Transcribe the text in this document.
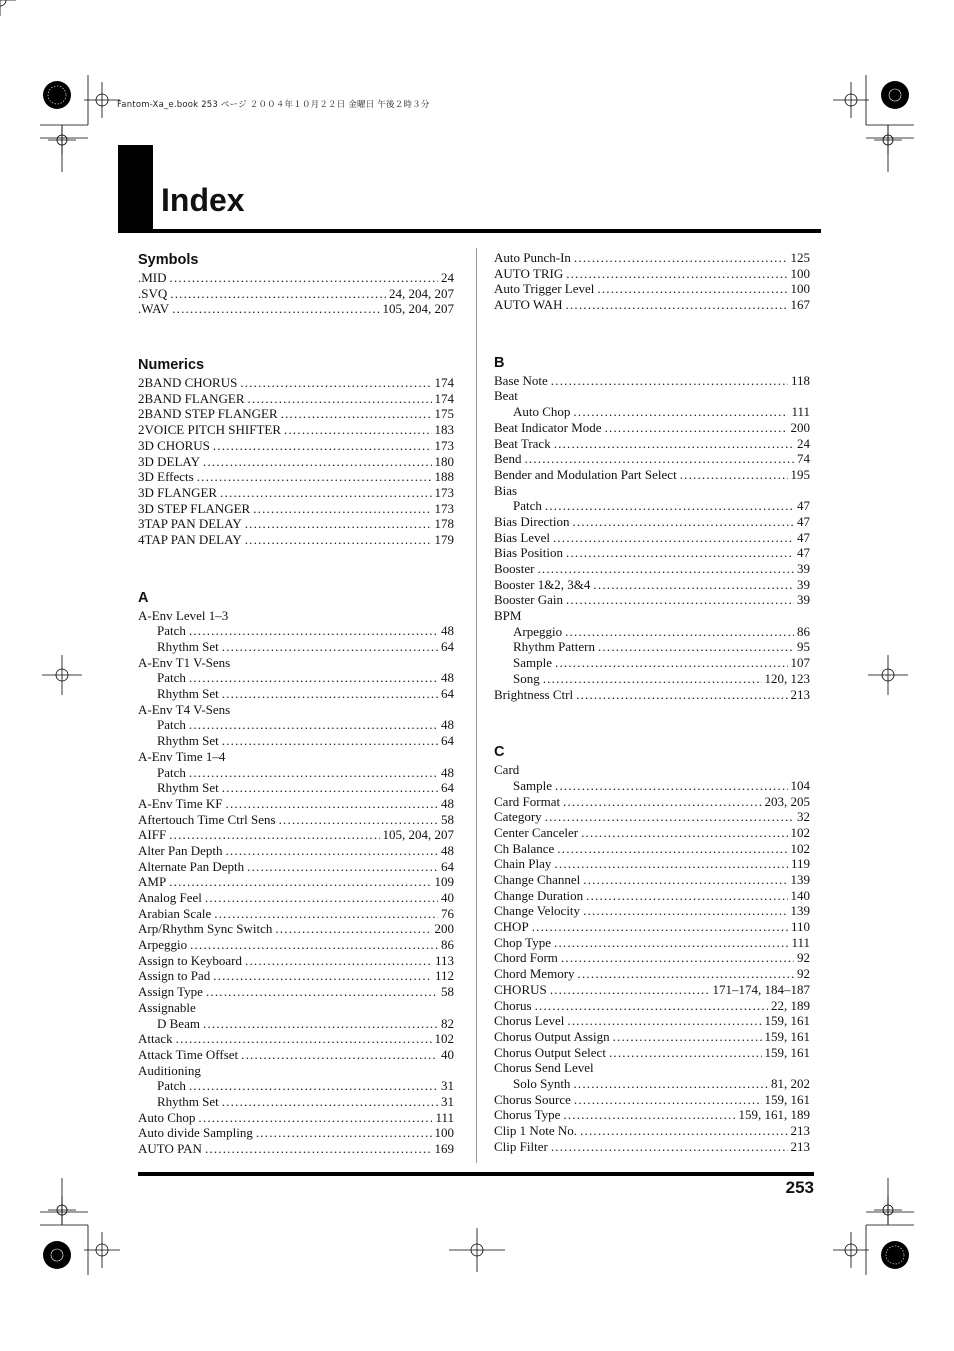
Fantom-Xa_e.book 253 ページ ２００４年１０月２２日 金曜日 午後２時３分
Index
Symbols
.MID .....	24
.SVQ .....	24, 204, 207
.WAV .....	105, 204, 207
Numerics
2BAND CHORUS .....	174
2BAND FLANGER .....	174
2BAND STEP FLANGER .....	175
2VOICE PITCH SHIFTER .....	183
3D CHORUS .....	173
3D DELAY .....	180
3D Effects .....	188
3D FLANGER .....	173
3D STEP FLANGER .....	173
3TAP PAN DELAY .....	178
4TAP PAN DELAY .....	179
A
A-Env Level 1–3
Patch .....	48
Rhythm Set .....	64
A-Env T1 V-Sens
Patch .....	48
Rhythm Set .....	64
A-Env T4 V-Sens
Patch .....	48
Rhythm Set .....	64
A-Env Time 1–4
Patch .....	48
Rhythm Set .....	64
A-Env Time KF .....	48
Aftertouch Time Ctrl Sens .....	58
AIFF .....	105, 204, 207
Alter Pan Depth .....	48
Alternate Pan Depth .....	64
AMP .....	109
Analog Feel .....	40
Arabian Scale .....	76
Arp/Rhythm Sync Switch .....	200
Arpeggio .....	86
Assign to Keyboard .....	113
Assign to Pad .....	112
Assign Type .....	58
Assignable
D Beam .....	82
Attack .....	102
Attack Time Offset .....	40
Auditioning
Patch .....	31
Rhythm Set .....	31
Auto Chop .....	111
Auto divide Sampling .....	100
AUTO PAN .....	169
Auto Punch-In .....	125
AUTO TRIG .....	100
Auto Trigger Level .....	100
AUTO WAH .....	167
B
Base Note .....	118
Beat
Auto Chop .....	111
Beat Indicator Mode .....	200
Beat Track .....	24
Bend .....	74
Bender and Modulation Part Select .....	195
Bias
Patch .....	47
Bias Direction .....	47
Bias Level .....	47
Bias Position .....	47
Booster .....	39
Booster 1&2, 3&4 .....	39
Booster Gain .....	39
BPM
Arpeggio .....	86
Rhythm Pattern .....	95
Sample .....	107
Song .....	120, 123
Brightness Ctrl .....	213
C
Card
Sample .....	104
Card Format .....	203, 205
Category .....	32
Center Canceler .....	102
Ch Balance .....	102
Chain Play .....	119
Change Channel .....	139
Change Duration .....	140
Change Velocity .....	139
CHOP .....	110
Chop Type .....	111
Chord Form .....	92
Chord Memory .....	92
CHORUS .....	171–174, 184–187
Chorus .....	22, 189
Chorus Level .....	159, 161
Chorus Output Assign .....	159, 161
Chorus Output Select .....	159, 161
Chorus Send Level
Solo Synth .....	81, 202
Chorus Source .....	159, 161
Chorus Type .....	159, 161, 189
Clip 1 Note No. .....	213
Clip Filter .....	213
253
